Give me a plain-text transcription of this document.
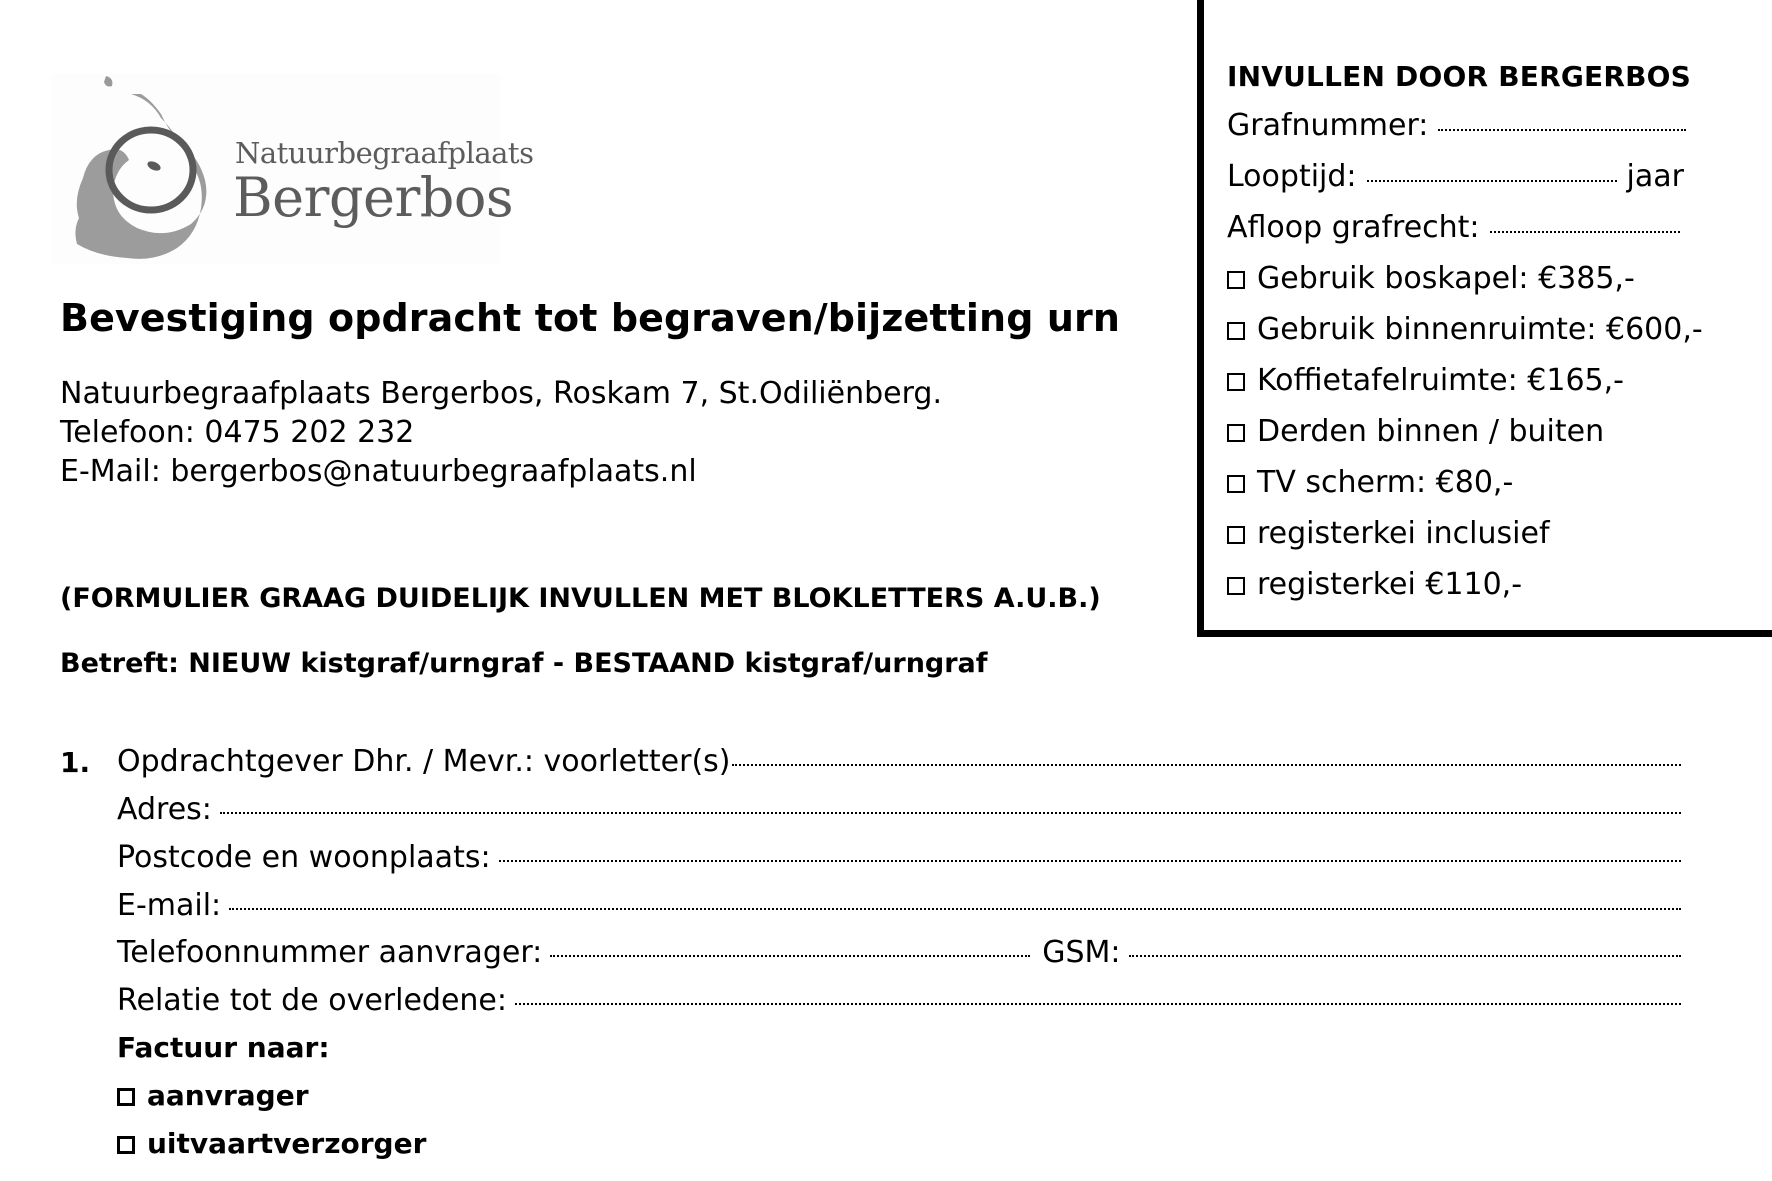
Natuurbegraafplaats
Bergerbos
INVULLEN DOOR BERGERBOS
Grafnummer:
Looptijd:	jaar
Afloop grafrecht:
Gebruik boskapel: €385,-
Gebruik binnenruimte: €600,-
Koffietafelruimte: €165,-
Derden binnen / buiten
TV scherm: €80,-
registerkei inclusief
registerkei €110,-
Bevestiging opdracht tot begraven/bijzetting urn
Natuurbegraafplaats Bergerbos, Roskam 7, St.Odiliënberg.
Telefoon: 0475 202 232
E-Mail: bergerbos@natuurbegraafplaats.nl
(FORMULIER GRAAG DUIDELIJK INVULLEN MET BLOKLETTERS A.U.B.)
Betreft: NIEUW kistgraf/urngraf - BESTAAND kistgraf/urngraf
1. Opdrachtgever Dhr. / Mevr.: voorletter(s)
Adres:
Postcode en woonplaats:
E-mail:
Telefoonnummer aanvrager:	GSM:
Relatie tot de overledene:
Factuur naar:
aanvrager
uitvaartverzorger
